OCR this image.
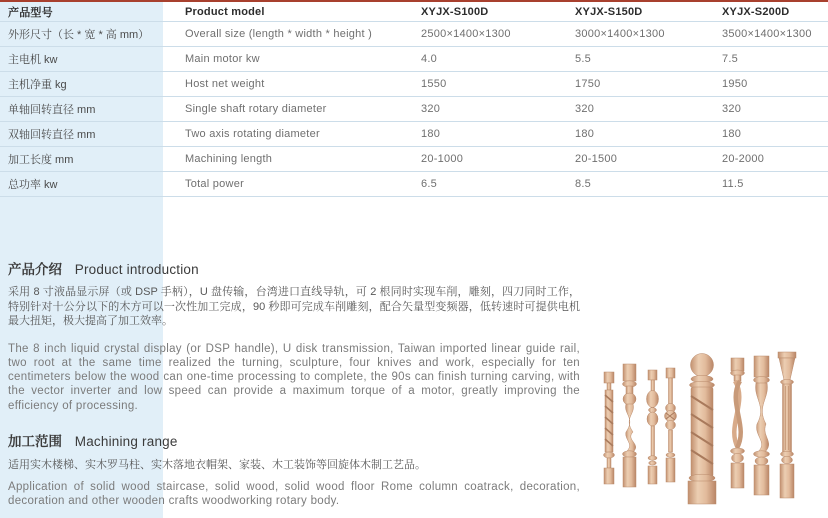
产品型号	Product model	XYJX-S100D	XYJX-S150D	XYJX-S200D
外形尺寸（长 * 宽 * 高 mm）	Overall size (length * width * height )	2500×1400×1300	3000×1400×1300	3500×1400×1300
主电机 kw	Main motor kw	4.0	5.5	7.5
主机净重 kg	Host net weight	1550	1750	1950
单轴回转直径 mm	Single shaft rotary diameter	320	320	320
双轴回转直径 mm	Two axis rotating diameter	180	180	180
加工长度 mm	Machining length	20-1000	20-1500	20-2000
总功率 kw	Total power	6.5	8.5	11.5
产品介绍 Product introduction
采用 8 寸液晶显示屏（或 DSP 手柄），U 盘传输，台湾进口直线导轨，可 2 根同时实现车削，雕刻，四刀同时工作，特别针对十公分以下的木方可以一次性加工完成，90 秒即可完成车削雕刻，配合矢量型变频器，低转速时可提供电机最大扭矩，极大提高了加工效率。
The 8 inch liquid crystal display (or DSP handle), U disk transmission, Taiwan imported linear guide rail, two root at the same time realized the turning, sculpture, four knives and work, especially for ten centimeters below the wood can one-time processing to complete, the 90s can finish turning carving, with the vector inverter and low speed can provide a maximum torque of a motor, greatly improving the efficiency of processing.
加工范围 Machining range
适用实木楼梯、实木罗马柱、实木落地衣帽架、家装、木工装饰等回旋体木制工艺品。
Application of solid wood staircase, solid wood, solid wood floor Rome column coatrack, decoration, decoration and other wooden crafts woodworking rotary body.
